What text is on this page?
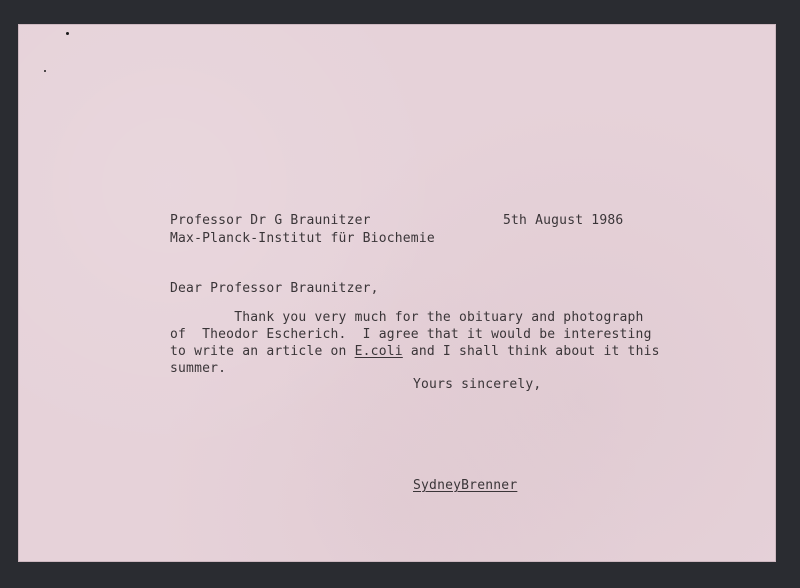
Professor Dr G Braunitzer	5th August 1986
Max-Planck-Institut für Biochemie
Dear Professor Braunitzer,
Thank you very much for the obituary and photograph
of  Theodor Escherich.  I agree that it would be interesting
to write an article on E.coli and I shall think about it this
summer.
Yours sincerely,
SydneyBrenner
